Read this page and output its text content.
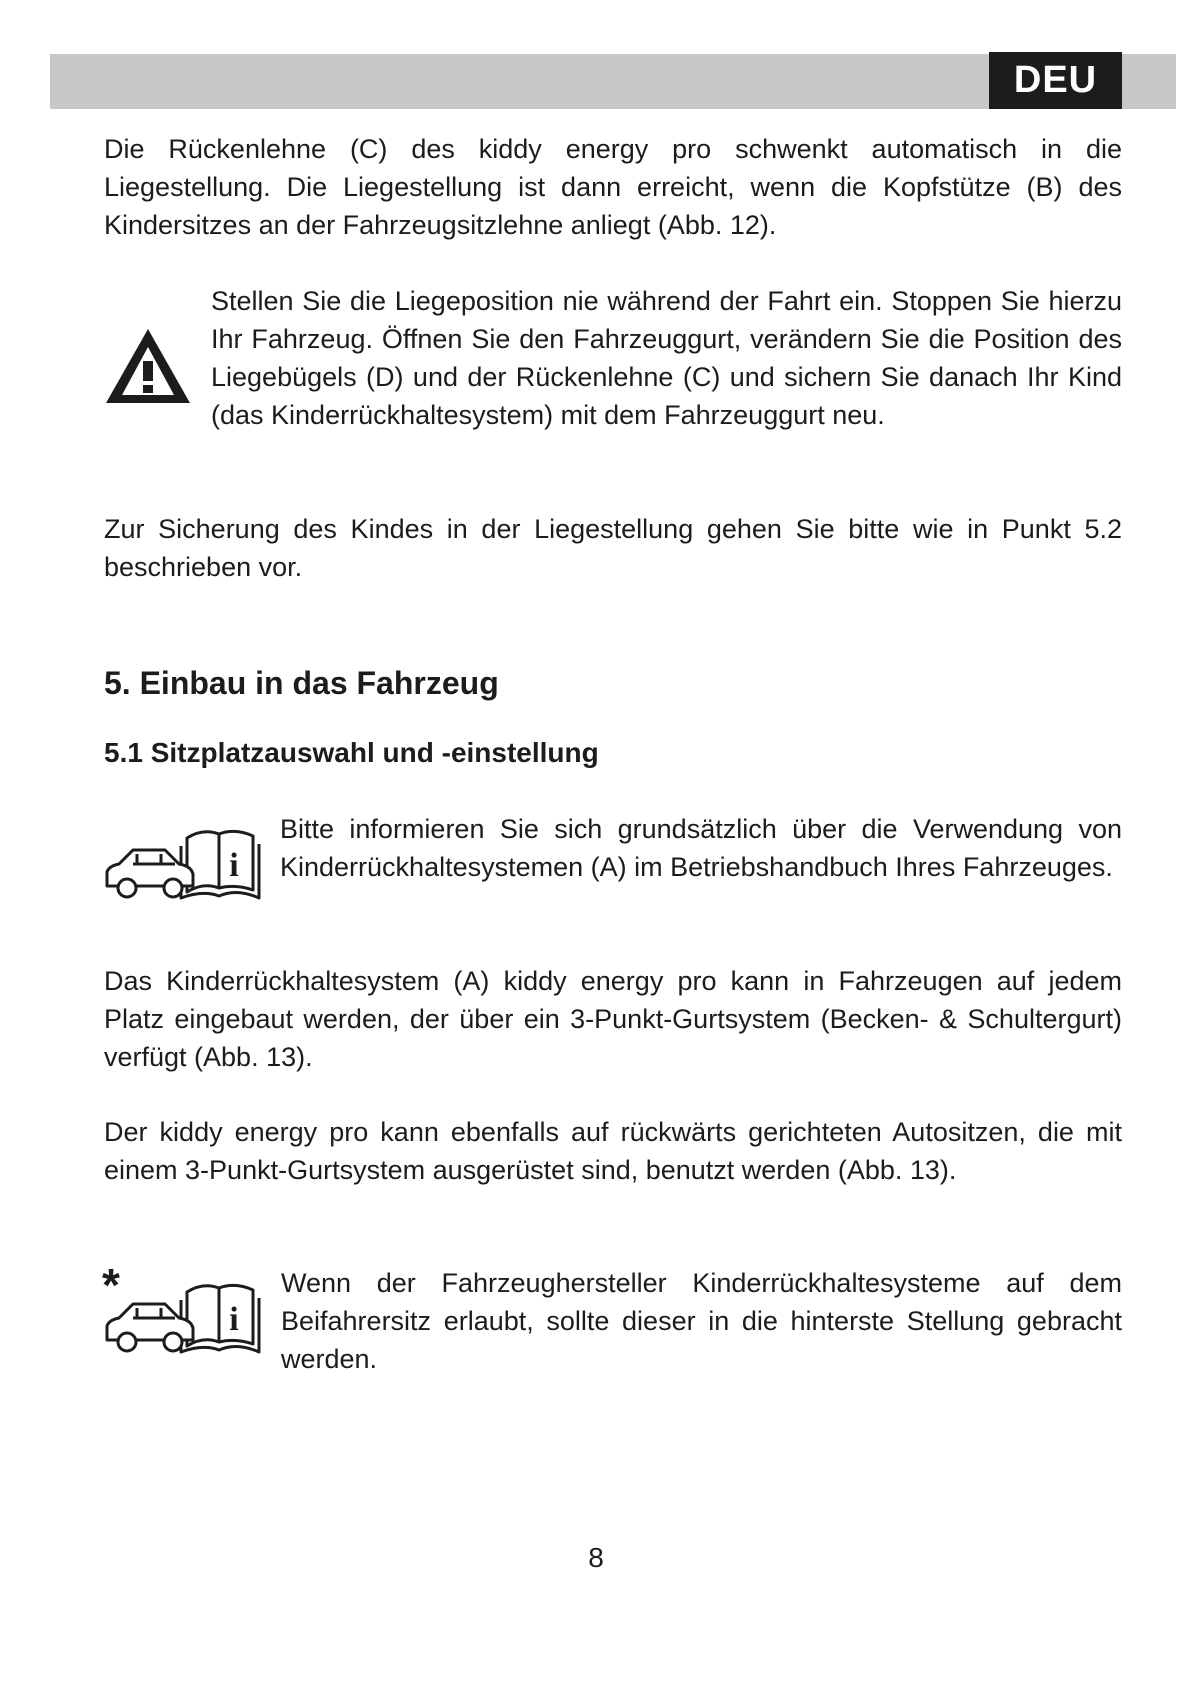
DEU

Die Rückenlehne (C) des kiddy energy pro schwenkt automatisch in die Liegestellung. Die Liegestellung ist dann erreicht, wenn die Kopfstütze (B) des Kindersitzes an der Fahrzeugsitzlehne anliegt (Abb. 12).

Stellen Sie die Liegeposition nie während der Fahrt ein. Stoppen Sie hierzu Ihr Fahrzeug. Öffnen Sie den Fahrzeuggurt, verändern Sie die Position des Liegebügels (D) und der Rückenlehne (C) und sichern Sie danach Ihr Kind (das Kinderrückhaltesystem) mit dem Fahrzeuggurt neu.

Zur Sicherung des Kindes in der Liegestellung gehen Sie bitte wie in Punkt 5.2 beschrieben vor.

5. Einbau in das Fahrzeug
5.1 Sitzplatzauswahl und -einstellung
i

Bitte informieren Sie sich grundsätzlich über die Verwendung von Kinderrückhaltesystemen (A) im Betriebshandbuch Ihres Fahrzeuges.

Das Kinderrückhaltesystem (A) kiddy energy pro kann in Fahrzeugen auf jedem Platz eingebaut werden, der über ein 3-Punkt-Gurtsystem (Becken- & Schultergurt) verfügt (Abb. 13).

Der kiddy energy pro kann ebenfalls auf rückwärts gerichteten Autositzen, die mit einem 3-Punkt-Gurtsystem ausgerüstet sind, benutzt werden (Abb. 13).

*
i

Wenn der Fahrzeughersteller Kinderrückhaltesysteme auf dem Beifahrersitz erlaubt, sollte dieser in die hinterste Stellung gebracht werden.

8
